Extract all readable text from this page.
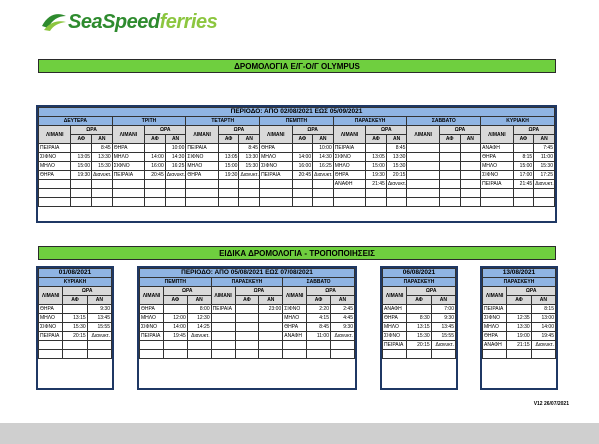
SeaSpeed ferries
ΔΡΟΜΟΛΟΓΙΑ Ε/Γ-Ο/Γ OLYMPUS
ΠΕΡΙΟΔΟ: ΑΠΟ 02/08/2021 ΕΩΣ 05/09/2021																				
ΔΕΥΤΕΡΑ			ΤΡΙΤΗ			ΤΕΤΑΡΤΗ			ΠΕΜΠΤΗ			ΠΑΡΑΣΚΕΥΗ			ΣΑΒΒΑΤΟ			ΚΥΡΙΑΚΗ		
ΛΙΜΑΝΙ	ΩΡΑ		ΛΙΜΑΝΙ	ΩΡΑ		ΛΙΜΑΝΙ	ΩΡΑ		ΛΙΜΑΝΙ	ΩΡΑ		ΛΙΜΑΝΙ	ΩΡΑ		ΛΙΜΑΝΙ	ΩΡΑ		ΛΙΜΑΝΙ	ΩΡΑ	
	ΑΦ	ΑΝ		ΑΦ	ΑΝ		ΑΦ	ΑΝ		ΑΦ	ΑΝ		ΑΦ	ΑΝ		ΑΦ	ΑΝ		ΑΦ	ΑΝ
ΠΕΙΡΑΙΑ		8:45	ΘΗΡΑ		10:00	ΠΕΙΡΑΙΑ		8:45	ΘΗΡΑ		10:00	ΠΕΙΡΑΙΑ		8:45				ΑΝΑΦΗ		7:45
ΣΙΦΝΟ	13:05	13:30	ΜΗΛΟ	14:00	14:30	ΣΙΦΝΟ	13:05	13:30	ΜΗΛΟ	14:00	14:30	ΣΙΦΝΟ	13:05	13:30				ΘΗΡΑ	8:15	11:00
ΜΗΛΟ	15:00	15:30	ΣΙΦΝΟ	16:00	16:25	ΜΗΛΟ	15:00	15:30	ΣΙΦΝΟ	16:00	16:25	ΜΗΛΟ	15:00	15:30				ΜΗΛΟ	15:00	15:30
ΘΗΡΑ	19:30	Διανυκτ.	ΠΕΙΡΑΙΑ	20:45	Διανυκτ.	ΘΗΡΑ	19:30	Διανυκτ.	ΠΕΙΡΑΙΑ	20:45	Διανυκτ.	ΘΗΡΑ	19:30	20:15				ΣΙΦΝΟ	17:00	17:25
												ΑΝΑΦΗ	21:45	Διανυκτ.				ΠΕΙΡΑΙΑ	21:45	Διανυκτ.

ΕΙΔΙΚΑ ΔΡΟΜΟΛΟΓΙΑ - ΤΡΟΠΟΠΟΙΗΣΕΙΣ
01/08/2021		
ΚΥΡΙΑΚΗ		
ΛΙΜΑΝΙ	ΩΡΑ	
	ΑΦ	ΑΝ
ΘΗΡΑ		9:30
ΜΗΛΟ	13:15	13:45
ΣΙΦΝΟ	15:30	15:55
ΠΕΙΡΑΙΑ	20:15	Διανυκτ.

ΠΕΡΙΟΔΟ: ΑΠΟ 05/08/2021 ΕΩΣ 07/08/2021								
ΠΕΜΠΤΗ			ΠΑΡΑΣΚΕΥΗ			ΣΑΒΒΑΤΟ		
ΛΙΜΑΝΙ	ΩΡΑ		ΛΙΜΑΝΙ	ΩΡΑ		ΛΙΜΑΝΙ	ΩΡΑ	
	ΑΦ	ΑΝ		ΑΦ	ΑΝ		ΑΦ	ΑΝ
ΘΗΡΑ		8:00	ΠΕΙΡΑΙΑ		23:00	ΣΙΦΝΟ	2:20	2:45
ΜΗΛΟ	12:00	12:30				ΜΗΛΟ	4:15	4:45
ΣΙΦΝΟ	14:00	14:25				ΘΗΡΑ	8:45	9:30
ΠΕΙΡΑΙΑ	19:45	Διανυκτ.				ΑΝΑΦΗ	11:00	Διανυκτ.

06/08/2021		
ΠΑΡΑΣΚΕΥΗ		
ΛΙΜΑΝΙ	ΩΡΑ	
	ΑΦ	ΑΝ
ΑΝΑΦΗ		7:00
ΘΗΡΑ	8:30	9:30
ΜΗΛΟ	13:15	13:45
ΣΙΦΝΟ	15:30	15:55
ΠΕΙΡΑΙΑ	20:15	Διανυκτ.

13/08/2021		
ΠΑΡΑΣΚΕΥΗ		
ΛΙΜΑΝΙ	ΩΡΑ	
	ΑΦ	ΑΝ
ΠΕΙΡΑΙΑ		8:15
ΣΙΦΝΟ	12:35	13:00
ΜΗΛΟ	13:30	14:00
ΘΗΡΑ	19:00	19:45
ΑΝΑΦΗ	21:15	Διανυκτ.

V12 26/07/2021
